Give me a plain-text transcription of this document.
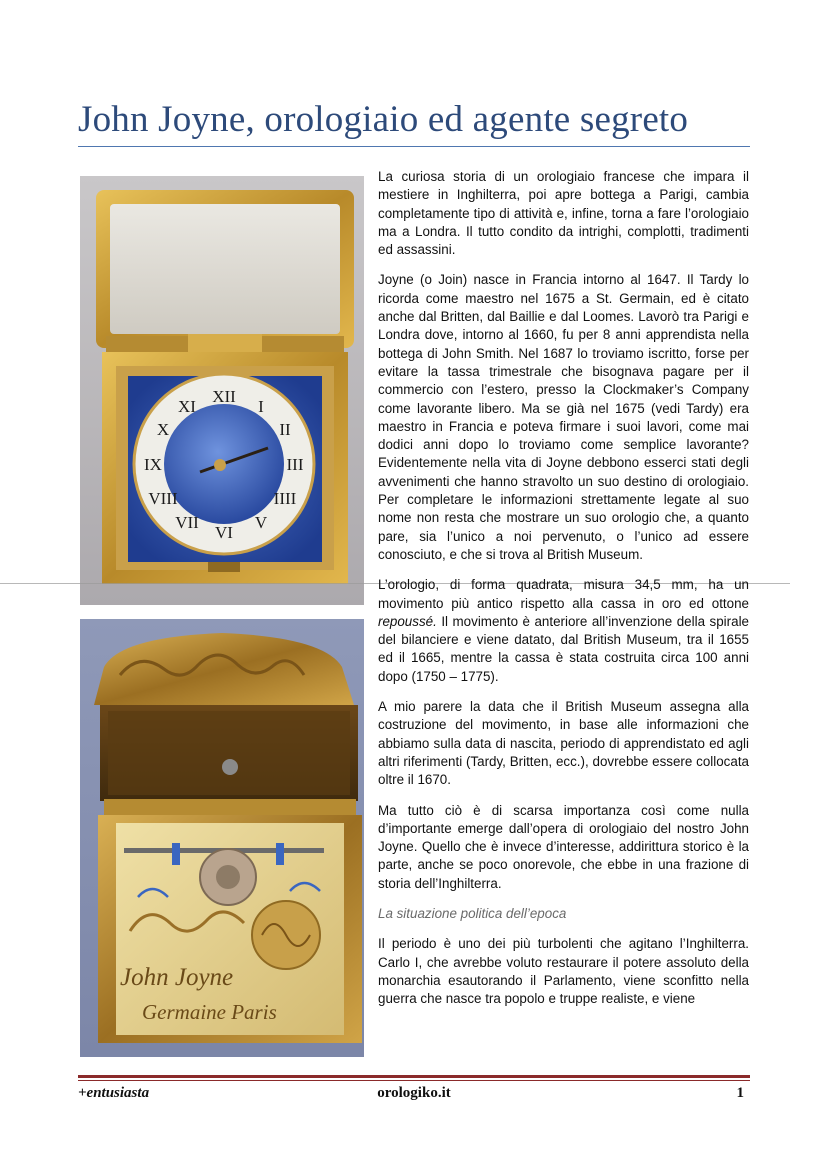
John Joyne, orologiaio ed agente segreto
XII
I
II
III
IIII
V
VI
VII
VIII
IX
X
XI
John Joyne
Germaine Paris

La curiosa storia di un orologiaio francese che impara il mestiere in Inghilterra, poi apre bottega a Parigi, cambia completamente tipo di attività e, infine, torna a fare l’orologiaio ma a Londra. Il tutto condito da intrighi, complotti, tradimenti ed assassini.

Joyne (o Join) nasce in Francia intorno al 1647. Il Tardy lo ricorda come maestro nel 1675 a St. Germain, ed è citato anche dal Britten, dal Baillie e dal Loomes. Lavorò tra Parigi e Londra dove, intorno al 1660, fu per 8 anni apprendista nella bottega di John Smith. Nel 1687 lo troviamo iscritto, forse per evitare la tassa trimestrale che bisognava pagare per il commercio con l’estero, presso la Clockmaker’s Company come lavorante libero. Ma se già nel 1675 (vedi Tardy) era maestro in Francia e poteva firmare i suoi lavori, come mai dodici anni dopo lo troviamo come semplice lavorante? Evidentemente nella vita di Joyne debbono esserci stati degli avvenimenti che hanno stravolto un suo destino di orologiaio. Per completare le informazioni strettamente legate al suo nome non resta che mostrare un suo orologio che, a quanto pare, sia l’unico a noi pervenuto, o l’unico ad essere conosciuto, e che si trova al British Museum.

L’orologio, di forma quadrata, misura 34,5 mm, ha un movimento più antico rispetto alla cassa in oro ed ottone repoussé. Il movimento è anteriore all’invenzione della spirale del bilanciere e viene datato, dal British Museum, tra il 1655 ed il 1665, mentre la cassa è stata costruita circa 100 anni dopo (1750 – 1775).

A mio parere la data che il British Museum assegna alla costruzione del movimento, in base alle informazioni che abbiamo sulla data di nascita, periodo di apprendistato ed agli altri riferimenti (Tardy, Britten, ecc.), dovrebbe essere collocata oltre il 1670.

Ma tutto ciò è di scarsa importanza così come nulla d’importante emerge dall’opera di orologiaio del nostro John Joyne. Quello che è invece d’interesse, addirittura storico è la parte, anche se poco onorevole, che ebbe in una frazione di storia dell’Inghilterra.

La situazione politica dell’epoca

Il periodo è uno dei più turbolenti che agitano l’Inghilterra. Carlo I, che avrebbe voluto restaurare il potere assoluto della monarchia esautorando il Parlamento, viene sconfitto nella guerra che nasce tra popolo e truppe realiste, e viene

+entusiasta	orologiko.it	1
